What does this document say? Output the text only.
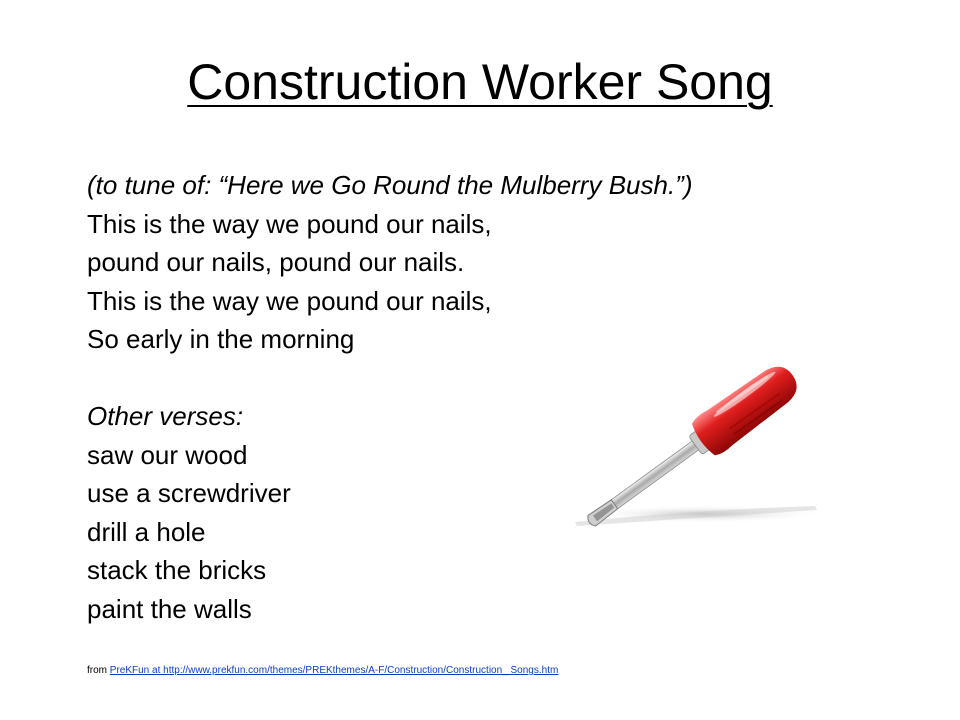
Construction Worker Song
(to tune of: “Here we Go Round the Mulberry Bush.”)
This is the way we pound our nails,
pound our nails, pound our nails.
This is the way we pound our nails,
So early in the morning
Other verses:
saw our wood
use a screwdriver
drill a hole
stack the bricks
paint the walls
from PreKFun at http://www.prekfun.com/themes/PREKthemes/A-F/Construction/Construction_ Songs.htm
